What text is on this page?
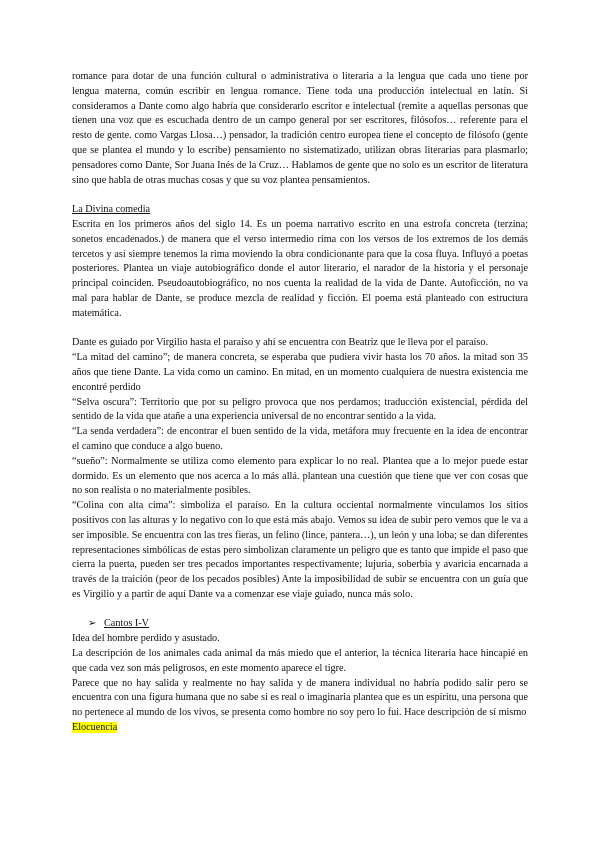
romance para dotar de una función cultural o administrativa o literaria a la lengua que cada uno tiene por lengua materna, común escribir en lengua romance. Tiene toda una producción intelectual en latín. Si consideramos a Dante como algo habría que considerarlo escritor e intelectual (remite a aquellas personas que tienen una voz que es escuchada dentro de un campo general por ser escritores, filósofos… referente para el resto de gente. como Vargas Llosa…) pensador, la tradición centro europea tiene el concepto de filósofo (gente que se plantea el mundo y lo escribe) pensamiento no sistematizado, utilizan obras literarias para plasmarlo; pensadores como Dante, Sor Juana Inés de la Cruz… Hablamos de gente que no solo es un escritor de literatura sino que habla de otras muchas cosas y que su voz plantea pensamientos.

La Divina comedia

Escrita en los primeros años del siglo 14. Es un poema narrativo escrito en una estrofa concreta (terzina; sonetos encadenados.) de manera que el verso intermedio rima con los versos de los extremos de los demás tercetos y así siempre tenemos la rima moviendo la obra condicionante para que la cosa fluya. Influyó a poetas posteriores. Plantea un viaje autobiográfico donde el autor literario, el narador de la historia y el personaje principal coinciden. Pseudoautobiográfico, no nos cuenta la realidad de la vida de Dante. Autoficción, no va mal para hablar de Dante, se produce mezcla de realidad y ficción. El poema está planteado con estructura matemática.

Dante es guiado por Virgilio hasta el paraíso y ahí se encuentra con Beatriz que le lleva por el paraíso.

“La mitad del camino”; de manera concreta, se esperaba que pudiera vivir hasta los 70 años. la mitad son 35 años que tiene Dante. La vida como un camino. En mitad, en un momento cualquiera de nuestra existencia me encontré perdido

“Selva oscura”: Territorio que por su peligro provoca que nos perdamos; traducción existencial, pérdida del sentido de la vida que atañe a una experiencia universal de no encontrar sentido a la vida.

“La senda verdadera”: de encontrar el buen sentido de la vida, metáfora muy frecuente en la idea de encontrar el camino que conduce a algo bueno.

“sueño”: Normalmente se utiliza como elemento para explicar lo no real. Plantea que a lo mejor puede estar dormido. Es un elemento que nos acerca a lo más allá. plantean una cuestión que tiene que ver con cosas que no son realista o no materialmente posibles.

“Colina con alta cima”: simboliza el paraíso. En la cultura occiental normalmente vinculamos los sitios positivos con las alturas y lo negativo con lo que está más abajo. Vemos su idea de subir pero vemos que le va a ser imposible. Se encuentra con las tres fieras, un felino (lince, pantera…), un león y una loba; se dan diferentes representaciones simbólicas de estas pero simbolizan claramente un peligro que es tanto que impide el paso que cierra la puerta, pueden ser tres pecados importantes respectivamente; lujuria, soberbia y avaricia encarnada a través de la traición (peor de los pecados posibles) Ante la imposibilidad de subir se encuentra con un guía que es Virgilio y a partir de aquí Dante va a comenzar ese viaje guiado, nunca más solo.

➢ Cantos I-V

Idea del hombre perdido y asustado.

La descripción de los animales cada animal da más miedo que el anterior, la técnica literaria hace hincapié en que cada vez son más peligrosos, en este momento aparece el tigre.

Parece que no hay salida y realmente no hay salida y de manera individual no habría podido salir pero se encuentra con una figura humana que no sabe si es real o imaginaria plantea que es un espíritu, una persona que no pertenece al mundo de los vivos, se presenta como hombre no soy pero lo fui. Hace descripción de sí mismo

Elocuencia
